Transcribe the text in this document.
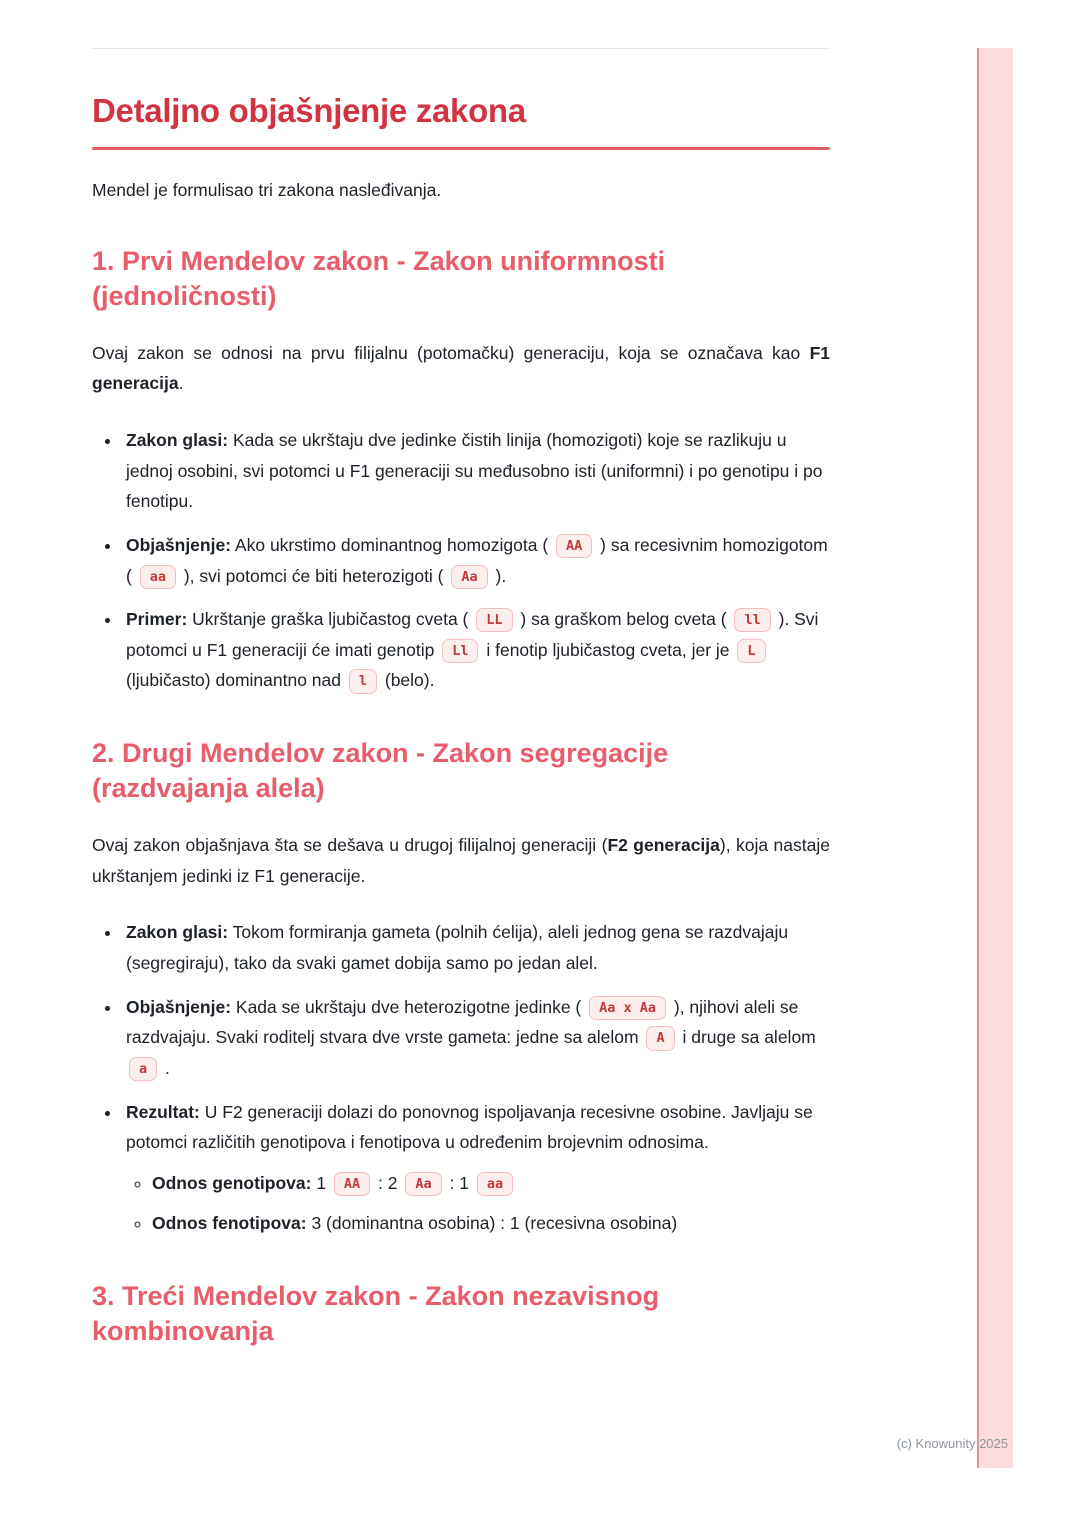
Detaljno objašnjenje zakona

Mendel je formulisao tri zakona nasleđivanja.

1. Prvi Mendelov zakon - Zakon uniformnosti (jednoličnosti)

Ovaj zakon se odnosi na prvu filijalnu (potomačku) generaciju, koja se označava kao F1 generacija.

• Zakon glasi: Kada se ukrštaju dve jedinke čistih linija (homozigoti) koje se razlikuju u jednoj osobini, svi potomci u F1 generaciji su međusobno isti (uniformni) i po genotipu i po fenotipu.
• Objašnjenje: Ako ukrstimo dominantnog homozigota ( AA ) sa recesivnim homozigotom ( aa ), svi potomci će biti heterozigoti ( Aa ).
• Primer: Ukrštanje graška ljubičastog cveta ( LL ) sa graškom belog cveta ( ll ). Svi potomci u F1 generaciji će imati genotip Ll i fenotip ljubičastog cveta, jer je L (ljubičasto) dominantno nad l (belo).
2. Drugi Mendelov zakon - Zakon segregacije (razdvajanja alela)

Ovaj zakon objašnjava šta se dešava u drugoj filijalnoj generaciji (F2 generacija), koja nastaje ukrštanjem jedinki iz F1 generacije.

• Zakon glasi: Tokom formiranja gameta (polnih ćelija), aleli jednog gena se razdvajaju (segregiraju), tako da svaki gamet dobija samo po jedan alel.
• Objašnjenje: Kada se ukrštaju dve heterozigotne jedinke ( Aa x Aa ), njihovi aleli se razdvajaju. Svaki roditelj stvara dve vrste gameta: jedne sa alelom A i druge sa alelom a .
• Rezultat: U F2 generaciji dolazi do ponovnog ispoljavanja recesivne osobine. Javljaju se potomci različitih genotipova i fenotipova u određenim brojevnim odnosima.
◦ Odnos genotipova: 1 AA : 2 Aa : 1 aa
◦ Odnos fenotipova: 3 (dominantna osobina) : 1 (recesivna osobina)
3. Treći Mendelov zakon - Zakon nezavisnog kombinovanja
(c) Knowunity 2025
